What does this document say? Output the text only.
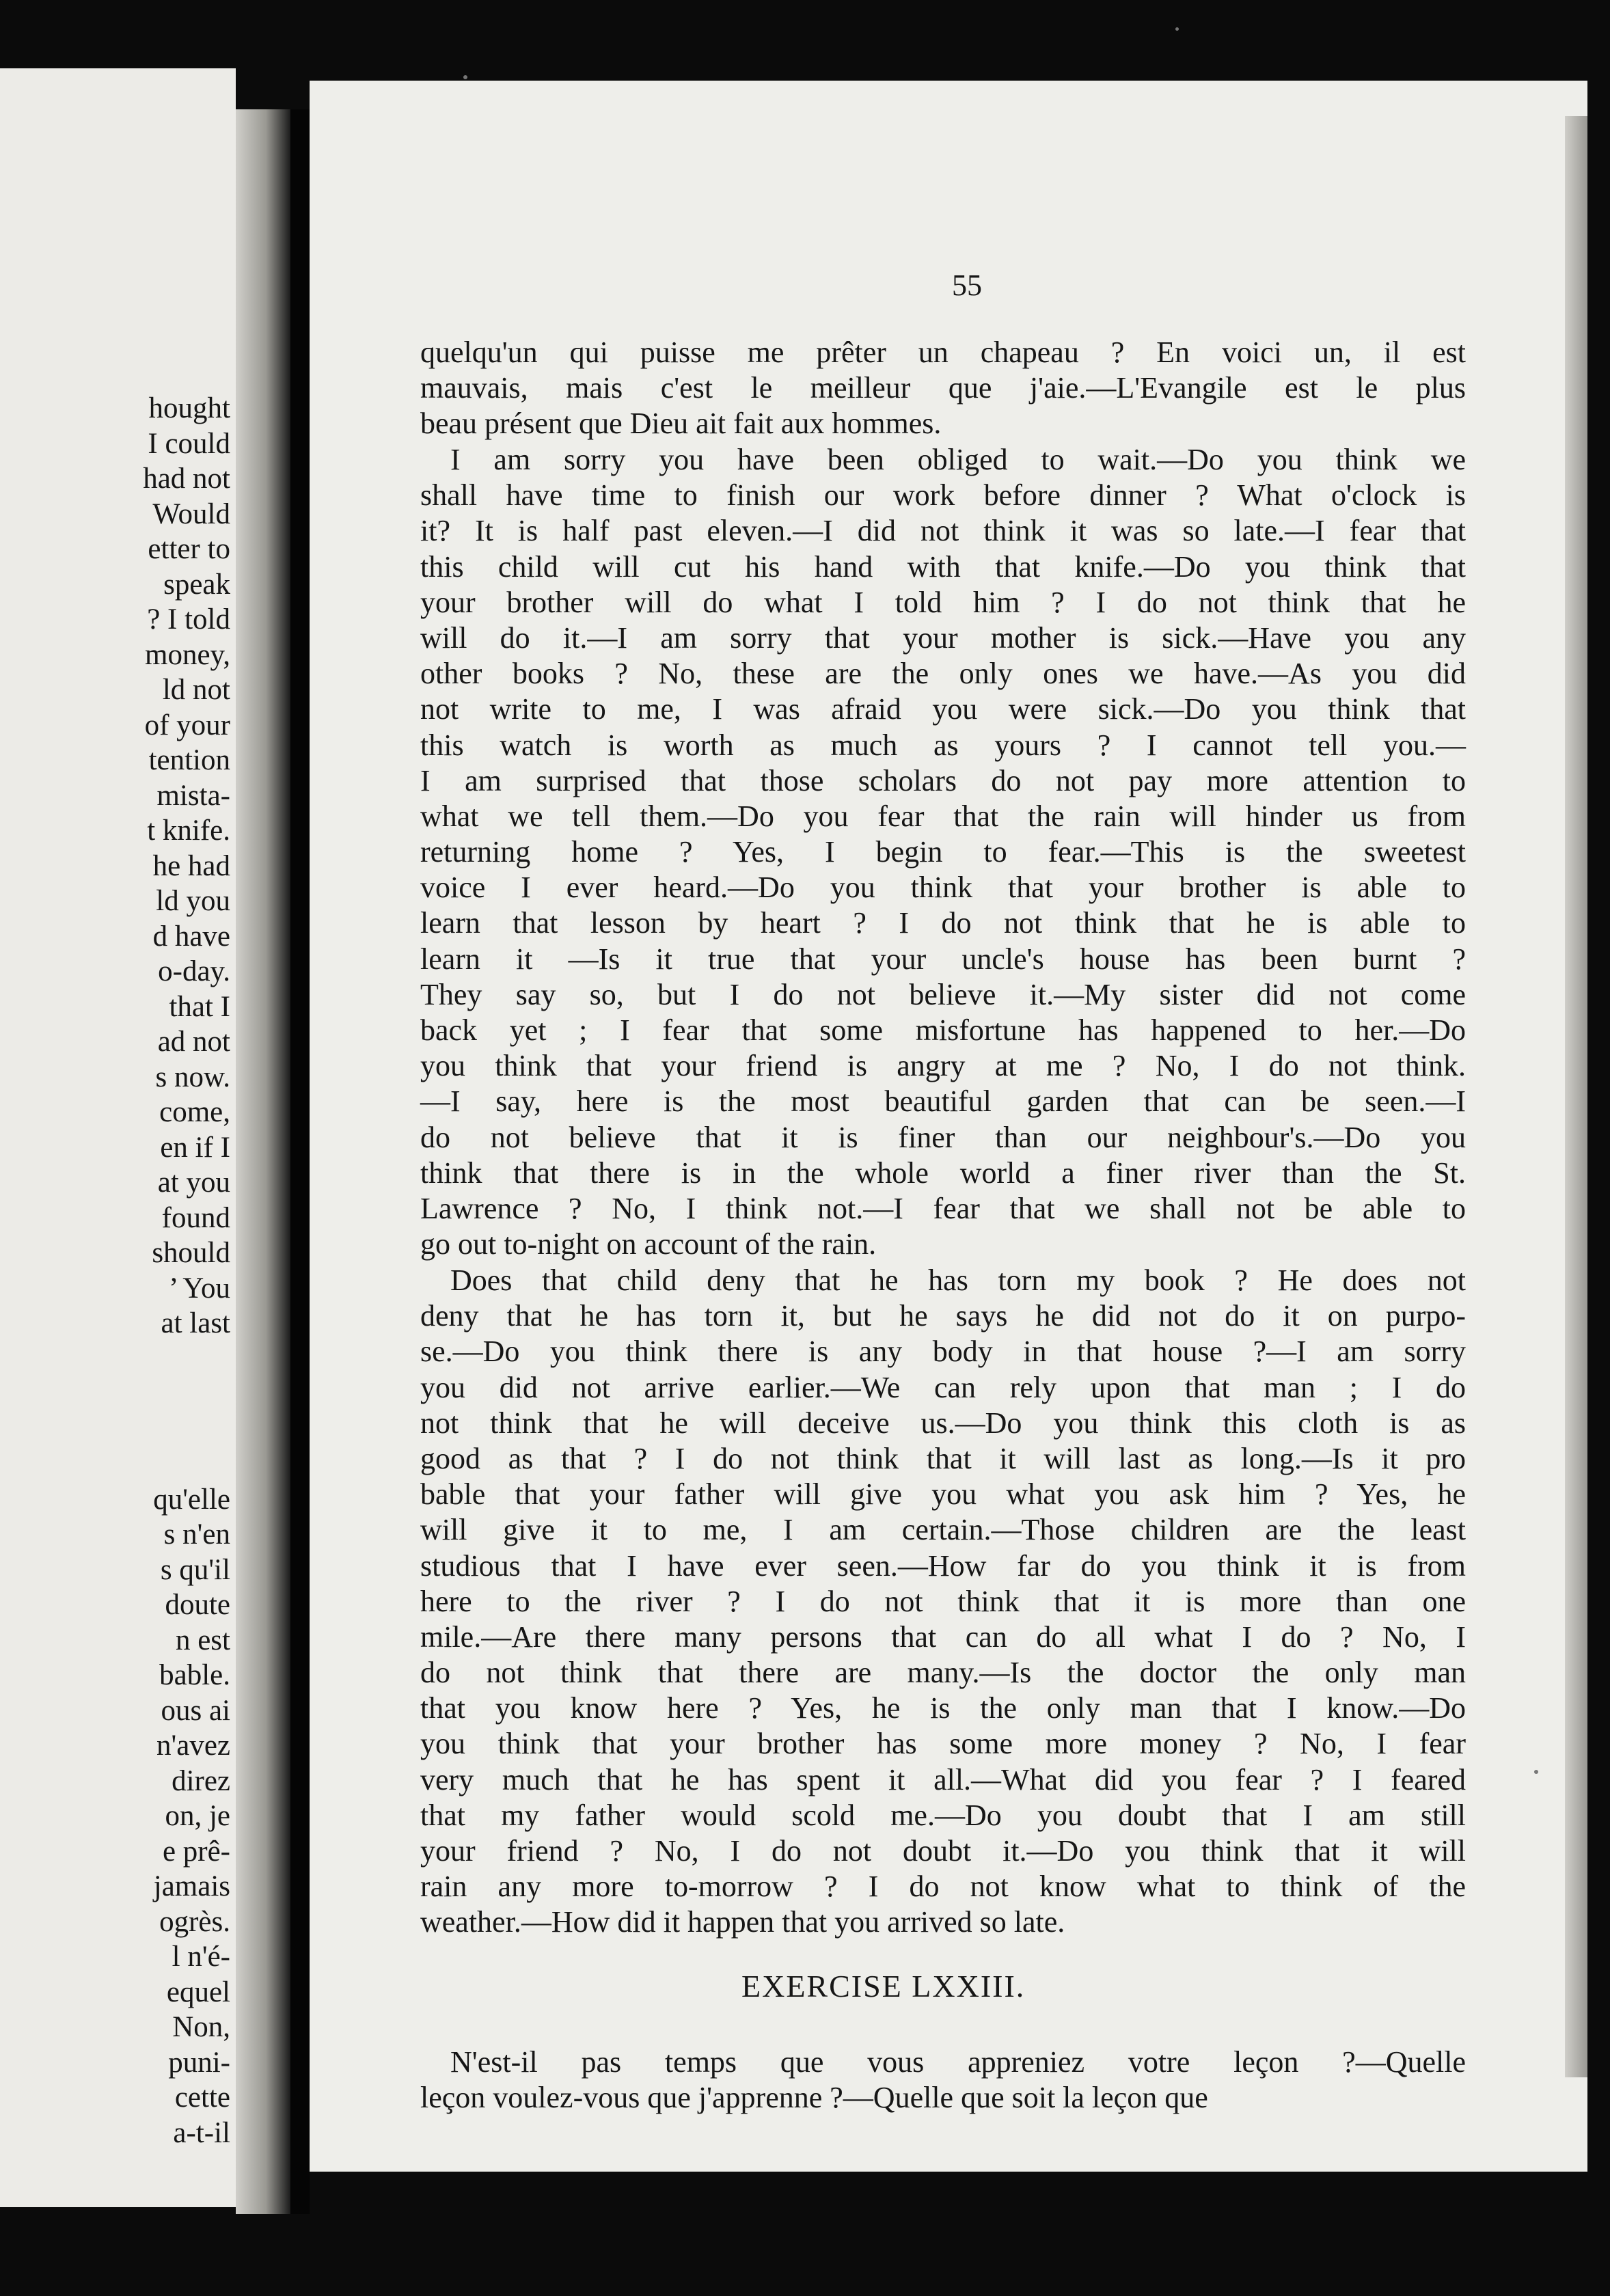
hought
I could
had not
Would
etter to
speak
? I told
money,
ld not
of your
tention
mista-
t knife.
he had
ld you
d have
o-day.
that I
ad not
s now.
come,
en if I
at you
found
should
’ You
at last
qu'elle
s n'en
s qu'il
doute
n est
bable.
ous ai
n'avez
direz
on, je
e prê-
jamais
ogrès.
l n'é-
equel
Non,
puni-
cette
a-t-il
55
quelqu'un qui puisse me prêter un chapeau ? En voici un, il est
mauvais, mais c'est le meilleur que j'aie.—L'Evangile est le plus
beau présent que Dieu ait fait aux hommes.
I am sorry you have been obliged to wait.—Do you think we
shall have time to finish our work before dinner ? What o'clock is
it? It is half past eleven.—I did not think it was so late.—I fear that
this child will cut his hand with that knife.—Do you think that
your brother will do what I told him ? I do not think that he
will do it.—I am sorry that your mother is sick.—Have you any
other books ? No, these are the only ones we have.—As you did
not write to me, I was afraid you were sick.—Do you think that
this watch is worth as much as yours ? I cannot tell you.—
I am surprised that those scholars do not pay more attention to
what we tell them.—Do you fear that the rain will hinder us from
returning home ? Yes, I begin to fear.—This is the sweetest
voice I ever heard.—Do you think that your brother is able to
learn that lesson by heart ? I do not think that he is able to
learn it —Is it true that your uncle's house has been burnt ?
They say so, but I do not believe it.—My sister did not come
back yet ; I fear that some misfortune has happened to her.—Do
you think that your friend is angry at me ? No, I do not think.
—I say, here is the most beautiful garden that can be seen.—I
do not believe that it is finer than our neighbour's.—Do you
think that there is in the whole world a finer river than the St.
Lawrence ? No, I think not.—I fear that we shall not be able to
go out to-night on account of the rain.
Does that child deny that he has torn my book ? He does not
deny that he has torn it, but he says he did not do it on purpo-
se.—Do you think there is any body in that house ?—I am sorry
you did not arrive earlier.—We can rely upon that man ; I do
not think that he will deceive us.—Do you think this cloth is as
good as that ? I do not think that it will last as long.—Is it pro
bable that your father will give you what you ask him ? Yes, he
will give it to me, I am certain.—Those children are the least
studious that I have ever seen.—How far do you think it is from
here to the river ? I do not think that it is more than one
mile.—Are there many persons that can do all what I do ? No, I
do not think that there are many.—Is the doctor the only man
that you know here ? Yes, he is the only man that I know.—Do
you think that your brother has some more money ? No, I fear
very much that he has spent it all.—What did you fear ? I feared
that my father would scold me.—Do you doubt that I am still
your friend ? No, I do not doubt it.—Do you think that it will
rain any more to-morrow ? I do not know what to think of the
weather.—How did it happen that you arrived so late.
EXERCISE LXXIII.
N'est-il pas temps que vous appreniez votre leçon ?—Quelle
leçon voulez-vous que j'apprenne ?—Quelle que soit la leçon que
